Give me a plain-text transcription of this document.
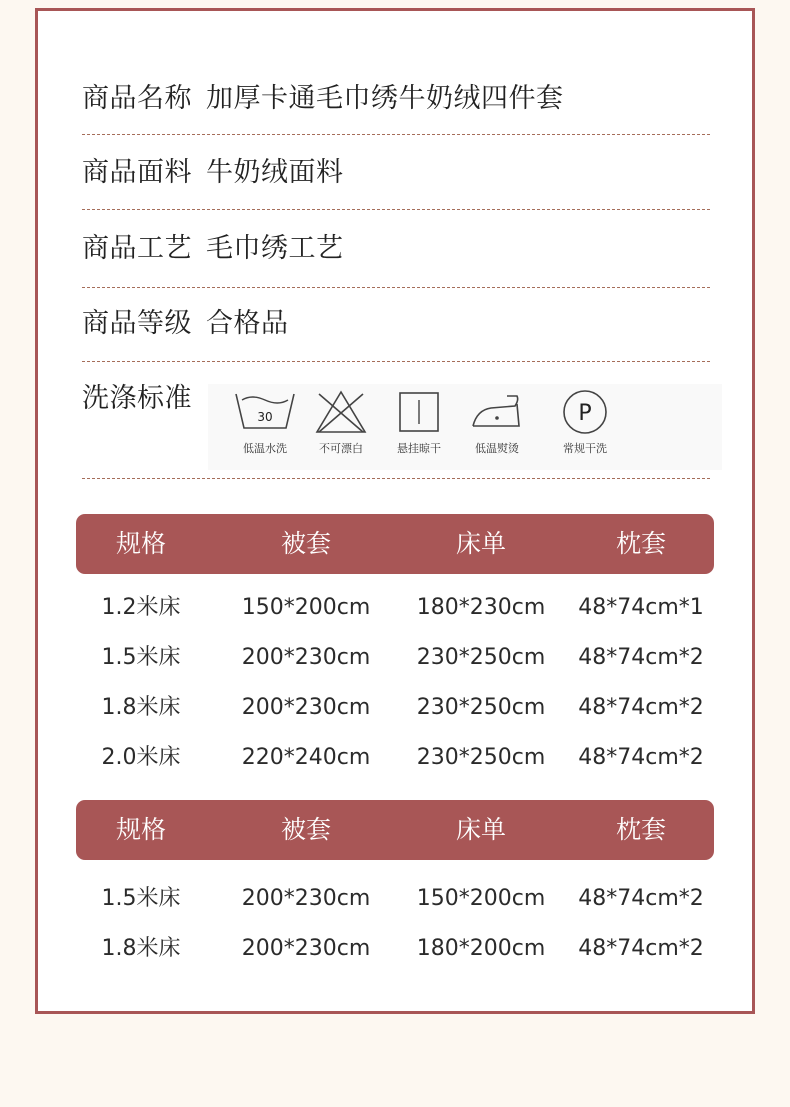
商品名称 加厚卡通毛巾绣牛奶绒四件套
商品面料 牛奶绒面料
商品工艺 毛巾绣工艺
商品等级 合格品
洗涤标准
30
低温水洗	不可漂白	悬挂晾干	低温熨烫
P
常规干洗
规格	被套	床单	枕套
1.2米床	150*200cm	180*230cm	48*74cm*1
1.5米床	200*230cm	230*250cm	48*74cm*2
1.8米床	200*230cm	230*250cm	48*74cm*2
2.0米床	220*240cm	230*250cm	48*74cm*2
规格	被套	床单	枕套
1.5米床	200*230cm	150*200cm	48*74cm*2
1.8米床	200*230cm	180*200cm	48*74cm*2
